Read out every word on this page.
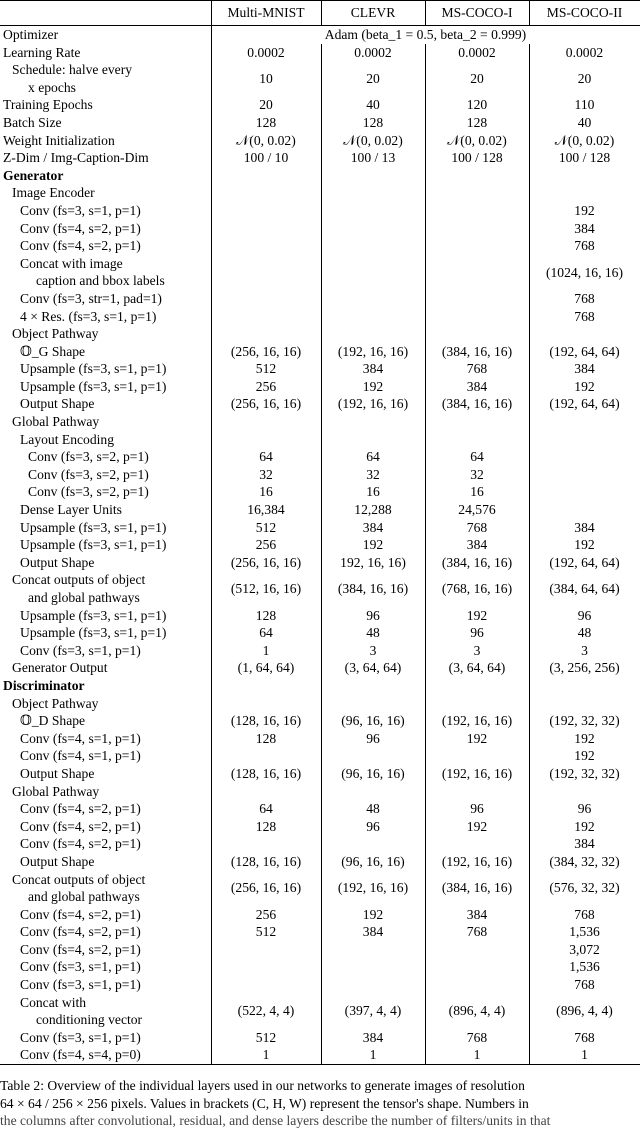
	Multi-MNIST	CLEVR	MS-COCO-I	MS-COCO-II

Optimizer	Adam (beta_1 = 0.5, beta_2 = 0.999)			

Learning Rate	0.0002	0.0002	0.0002	0.0002

Schedule: halve every
x epochs	10	20	20	20

Training Epochs	20	40	120	110

Batch Size	128	128	128	40

Weight Initialization	𝒩(0, 0.02)	𝒩(0, 0.02)	𝒩(0, 0.02)	𝒩(0, 0.02)

Z-Dim / Img-Caption-Dim	100 / 10	100 / 13	100 / 128	100 / 128

Generator				

Image Encoder				

Conv (fs=3, s=1, p=1)				192

Conv (fs=4, s=2, p=1)				384

Conv (fs=4, s=2, p=1)				768

Concat with image
caption and bbox labels				(1024, 16, 16)

Conv (fs=3, str=1, pad=1)				768

4 × Res. (fs=3, s=1, p=1)				768

Object Pathway				

𝕆_G Shape	(256, 16, 16)	(192, 16, 16)	(384, 16, 16)	(192, 64, 64)

Upsample (fs=3, s=1, p=1)	512	384	768	384

Upsample (fs=3, s=1, p=1)	256	192	384	192

Output Shape	(256, 16, 16)	(192, 16, 16)	(384, 16, 16)	(192, 64, 64)

Global Pathway				

Layout Encoding				

Conv (fs=3, s=2, p=1)	64	64	64	

Conv (fs=3, s=2, p=1)	32	32	32	

Conv (fs=3, s=2, p=1)	16	16	16	

Dense Layer Units	16,384	12,288	24,576	

Upsample (fs=3, s=1, p=1)	512	384	768	384

Upsample (fs=3, s=1, p=1)	256	192	384	192

Output Shape	(256, 16, 16)	192, 16, 16)	(384, 16, 16)	(192, 64, 64)

Concat outputs of object
and global pathways	(512, 16, 16)	(384, 16, 16)	(768, 16, 16)	(384, 64, 64)

Upsample (fs=3, s=1, p=1)	128	96	192	96

Upsample (fs=3, s=1, p=1)	64	48	96	48

Conv (fs=3, s=1, p=1)	1	3	3	3

Generator Output	(1, 64, 64)	(3, 64, 64)	(3, 64, 64)	(3, 256, 256)

Discriminator				

Object Pathway				

𝕆_D Shape	(128, 16, 16)	(96, 16, 16)	(192, 16, 16)	(192, 32, 32)

Conv (fs=4, s=1, p=1)	128	96	192	192

Conv (fs=4, s=1, p=1)				192

Output Shape	(128, 16, 16)	(96, 16, 16)	(192, 16, 16)	(192, 32, 32)

Global Pathway				

Conv (fs=4, s=2, p=1)	64	48	96	96

Conv (fs=4, s=2, p=1)	128	96	192	192

Conv (fs=4, s=2, p=1)				384

Output Shape	(128, 16, 16)	(96, 16, 16)	(192, 16, 16)	(384, 32, 32)

Concat outputs of object
and global pathways	(256, 16, 16)	(192, 16, 16)	(384, 16, 16)	(576, 32, 32)

Conv (fs=4, s=2, p=1)	256	192	384	768

Conv (fs=4, s=2, p=1)	512	384	768	1,536

Conv (fs=4, s=2, p=1)				3,072

Conv (fs=3, s=1, p=1)				1,536

Conv (fs=3, s=1, p=1)				768

Concat with
conditioning vector	(522, 4, 4)	(397, 4, 4)	(896, 4, 4)	(896, 4, 4)

Conv (fs=3, s=1, p=1)	512	384	768	768

Conv (fs=4, s=4, p=0)	1	1	1	1
Table 2: Overview of the individual layers used in our networks to generate images of resolution
64 × 64 / 256 × 256 pixels. Values in brackets (C, H, W) represent the tensor's shape. Numbers in
the columns after convolutional, residual, and dense layers describe the number of filters/units in that
